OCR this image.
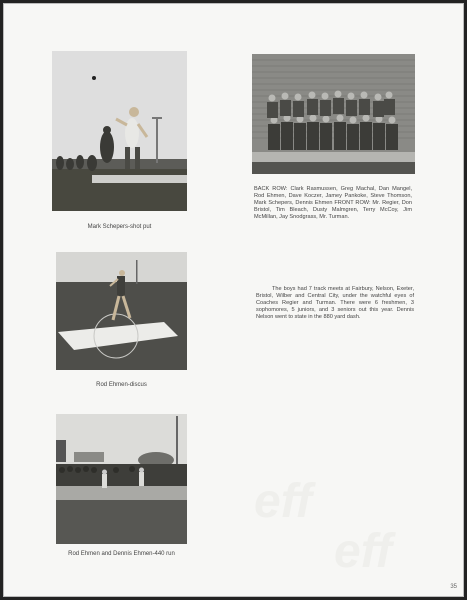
eff
eff
Mark Schepers-shot put
BACK ROW: Clark Rasmussen, Greg Machal, Dan Mangel, Rod Ehmen, Dave Koczer, Jamey Pankoke, Steve Thomson, Mark Schepers, Dennis Ehmen FRONT ROW: Mr. Regier, Don Bristol, Tim Bleach, Dusty Malmgren, Terry McCoy, Jim McMillan, Jay Snodgrass, Mr. Turman.
Rod Ehmen-discus
The boys had 7 track meets at Fairbury, Nelson, Exeter, Bristol, Wilber and Central City, under the watchful eyes of Coaches Regier and Turman. There were 6 freshmen, 3 sophomores, 5 juniors, and 3 seniors out this year. Dennis Nelson went to state in the 880 yard dash.
Rod Ehmen and Dennis Ehmen-440 run
35
